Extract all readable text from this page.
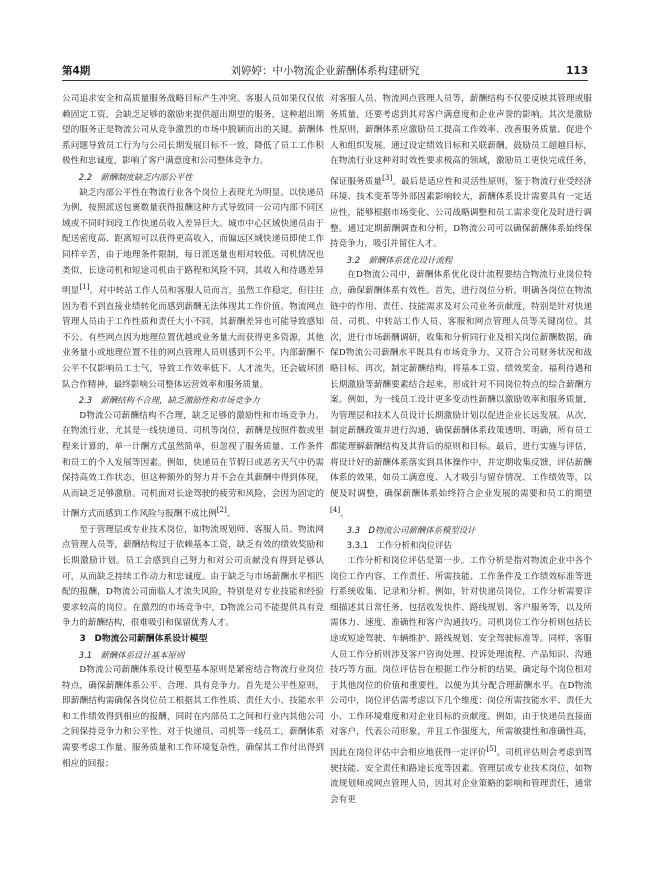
第4期	刘婷婷：中小物流企业薪酬体系构建研究	113

公司追求安全和高质量服务战略目标产生冲突。客服人员如果仅仅依赖固定工资，会缺乏足够的激励来提供超出期望的服务，这种超出期望的服务正是物流公司从竞争激烈的市场中脱颖而出的关键。薪酬体系问题导致员工行为与公司长期发展目标不一致，降低了员工工作积极性和忠诚度，影响了客户满意度和公司整体竞争力。

2.2　薪酬制度缺乏内部公平性

缺乏内部公平性在物流行业各个岗位上表现尤为明显。以快递员为例，按照派送包裹数量获得报酬这种方式导致同一公司内部不同区域或不同时间段工作快递员收入差异巨大。城市中心区域快递员由于配送密度高、距离短可以获得更高收入，而偏远区域快递员即使工作同样辛苦，由于地理条件限制，每日派送量也相对较低。司机情况也类似，长途司机和短途司机由于路程和风险不同，其收入和待遇差异明显[1]。对中转站工作人员和客服人员而言，虽然工作稳定，但往往因为看不到直接业绩转化而感到薪酬无法体现其工作价值。物流网点管理人员由于工作性质和责任大小不同，其薪酬差异也可能导致感知不公。有些网点因为地理位置优越或业务量大而获得更多资源，其他业务量小或地理位置不佳的网点管理人员则感到不公平。内部薪酬不公平不仅影响员工士气，导致工作效率低下、人才流失，还会破坏团队合作精神，最终影响公司整体运营效率和服务质量。

2.3　薪酬结构不合理，缺乏激励性和市场竞争力

D物流公司薪酬结构不合理，缺乏足够的激励性和市场竞争力。在物流行业，尤其是一线快递员、司机等岗位，薪酬是按照件数或里程来计算的，单一计酬方式虽然简单，但忽视了服务质量、工作条件和员工的个人发展等因素。例如，快递员在节假日或恶劣天气中仍需保持高效工作状态，但这种额外的努力并不会在其薪酬中得到体现，从而缺乏足够激励。司机面对长途驾驶的疲劳和风险，会因为固定的计酬方式而感到工作风险与报酬不成比例[2]。

至于管理层或专业技术岗位，如物流规划师、客服人员、物流网点管理人员等，薪酬结构过于依赖基本工资，缺乏有效的绩效奖励和长期激励计划。员工会感到自己努力和对公司贡献没有得到足够认可，从而缺乏持续工作动力和忠诚度。由于缺乏与市场薪酬水平相匹配的报酬，D物流公司面临人才流失风险，特别是对专业技能和经验要求较高的岗位。在激烈的市场竞争中，D物流公司不能提供具有竞争力的薪酬结构，很难吸引和保留优秀人才。

3　D物流公司薪酬体系设计模型

3.1　薪酬体系设计基本原则

D物流公司薪酬体系设计模型基本原则是紧密结合物流行业岗位特点，确保薪酬体系公平、合理、具有竞争力。首先是公平性原则，即薪酬结构需确保各岗位员工根据其工作性质、责任大小、技能水平和工作绩效得到相应的报酬，同时在内部员工之间和行业内其他公司之间保持竞争力和公平性。对于快递员、司机等一线员工，薪酬体系需要考虑工作量、服务质量和工作环境复杂性，确保其工作付出得到相应的回报；

对客服人员、物流网点管理人员等，薪酬结构不仅要反映其管理或服务质量，还要考虑到其对客户满意度和企业声誉的影响。其次是激励性原则，薪酬体系应激励员工提高工作效率、改善服务质量、促进个人和组织发展。通过设定绩效目标和关联薪酬，鼓励员工超越目标，在物流行业这种对时效性要求极高的领域，激励员工更快完成任务，保证服务质量[3]。最后是适应性和灵活性原则，鉴于物流行业受经济环境、技术变革等外部因素影响较大，薪酬体系设计需要具有一定适应性，能够根据市场变化、公司战略调整和员工需求变化及时进行调整。通过定期薪酬调查和分析，D物流公司可以确保薪酬体系始终保持竞争力，吸引并留住人才。

3.2　薪酬体系优化设计流程

在D物流公司中，薪酬体系优化设计流程要结合物流行业岗位特点，确保薪酬体系有效性。首先，进行岗位分析，明确各岗位在物流链中的作用、责任、技能需求及对公司业务贡献度，特别是针对快递员、司机、中转站工作人员、客服和网点管理人员等关键岗位。其次，进行市场薪酬调研，收集和分析同行业及相关岗位薪酬数据，确保D物流公司薪酬水平既具有市场竞争力，又符合公司财务状况和战略目标。再次，制定薪酬结构，将基本工资、绩效奖金、福利待遇和长期激励等薪酬要素结合起来，形成针对不同岗位特点的综合薪酬方案。例如，为一线员工设计更多变动性薪酬以激励效率和服务质量，为管理层和技术人员设计长期激励计划以促进企业长远发展。从次，制定薪酬政策并进行沟通，确保薪酬体系政策透明、明确，所有员工都能理解薪酬结构及其背后的原则和目标。最后，进行实施与评估，将设计好的薪酬体系落实到具体操作中，并定期收集反馈，评估薪酬体系的效果，如员工满意度、人才吸引与留存情况、工作绩效等，以便及时调整，确保薪酬体系始终符合企业发展的需要和员工的期望[4]。

3.3　D物流公司薪酬体系模型设计

3.3.1　工作分析和岗位评估

工作分析和岗位评估是第一步。工作分析是指对物流企业中各个岗位工作内容、工作责任、所需技能、工作条件及工作绩效标准等进行系统收集、记录和分析。例如，针对快递员岗位，工作分析需要详细描述其日常任务，包括收发快件、路线规划、客户服务等，以及所需体力、速度、准确性和客户沟通技巧。司机岗位工作分析则包括长途或短途驾驶、车辆维护、路线规划、安全驾驶标准等。同样，客服人员工作分析则涉及客户咨询处理、投诉处理流程、产品知识、沟通技巧等方面。岗位评估旨在根据工作分析的结果，确定每个岗位相对于其他岗位的价值和重要性，以便为其分配合理薪酬水平。在D物流公司中，岗位评估需考虑以下几个维度：岗位所需技能水平、责任大小、工作环境难度和对企业目标的贡献度。例如，由于快递员直接面对客户，代表公司形象，并且工作强度大，所需敏捷性和准确性高，因此在岗位评估中会相应地获得一定评价[5]。司机评估则会考虑到驾驶技能、安全责任和路途长度等因素。管理层或专业技术岗位，如物流规划师或网点管理人员，因其对企业策略的影响和管理责任，通常会有更
